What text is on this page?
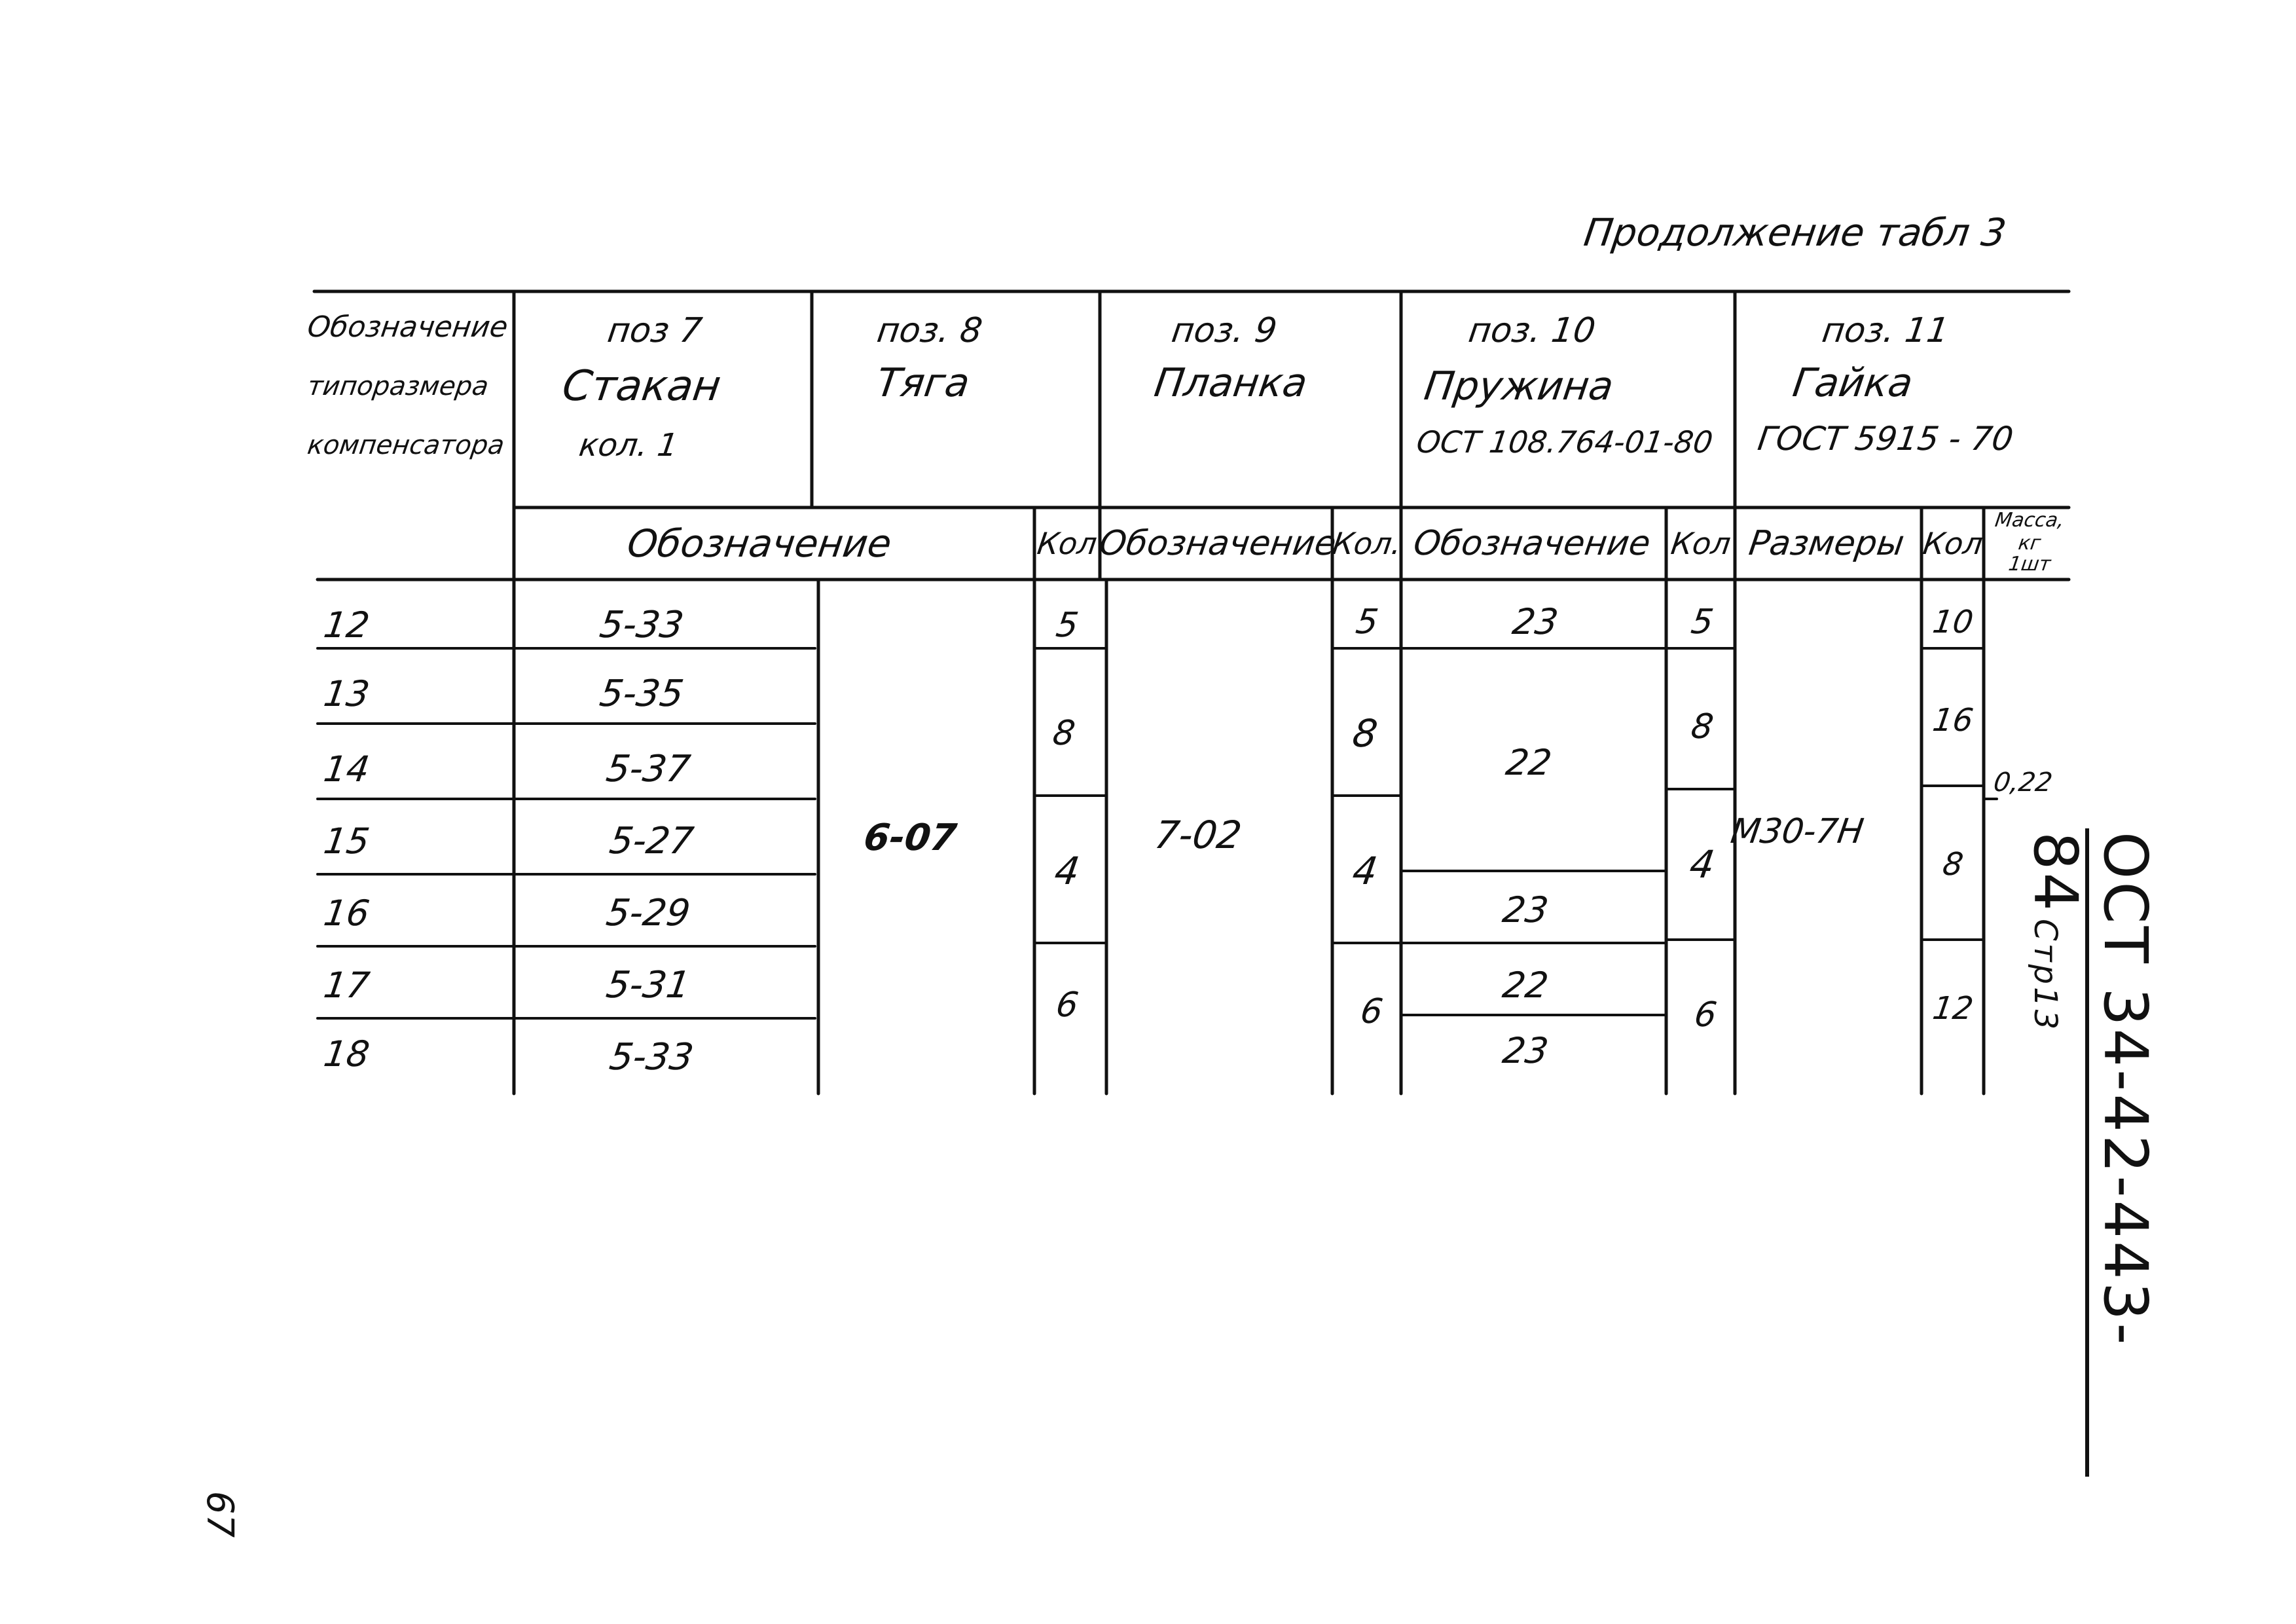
Продолжение табл 3
Обозначение
типоразмера
компенсатора
поз 7
Стакан
кол. 1
поз. 8
Тяга
поз. 9
Планка
поз. 10
Пружина
ОСТ 108.764-01-80
поз. 11
Гайка
ГОСТ 5915 - 70
Обозначение	Кол
Обозначение
Кол. Обозначение Кол Размеры Кол
Масса,
кг
1шт
12
13
14
15
16
17
18
5-33
5-35
5-37
5-27
5-29
5-31
5-33
6-07
5
8
4
6
7-02
5
8
4
6
23
22
23
22
23
5
8
4
6
М30-7Н
10
16
8
12
0,22
ОСТ 34-42-443-84Стр13
67
